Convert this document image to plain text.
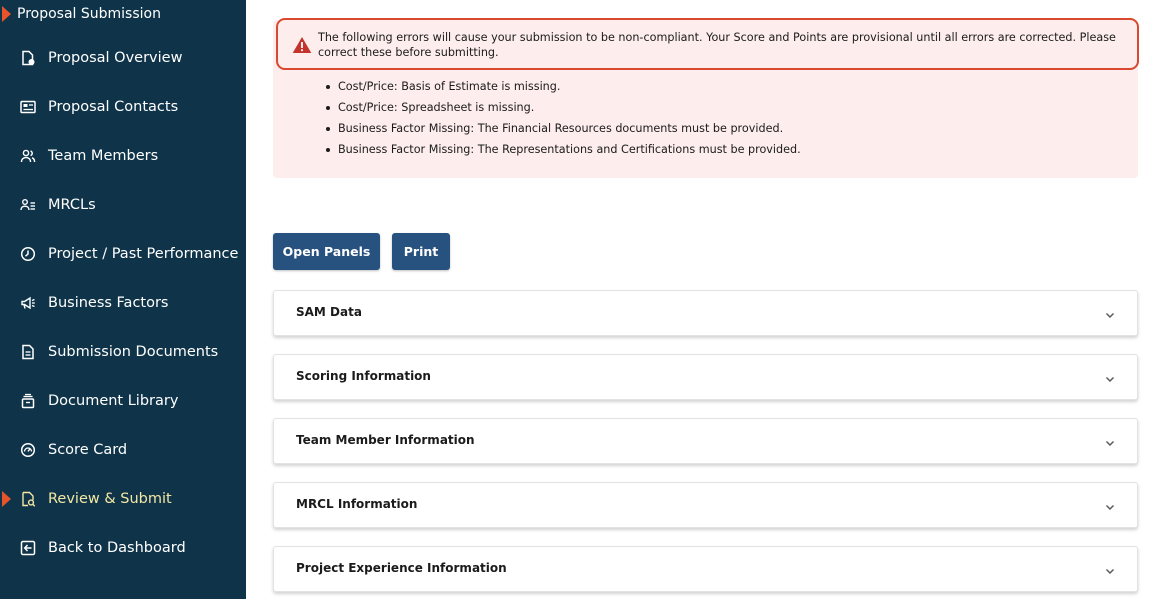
Proposal Submission
Proposal Overview
Proposal Contacts
Team Members
MRCLs
Project / Past Performance
Business Factors
Submission Documents
Document Library
Score Card
Review & Submit
Back to Dashboard

The following errors will cause your submission to be non-compliant. Your Score and Points are provisional until all errors are corrected. Please correct these before submitting.

Cost/Price: Basis of Estimate is missing.
Cost/Price: Spreadsheet is missing.
Business Factor Missing: The Financial Resources documents must be provided.
Business Factor Missing: The Representations and Certifications must be provided.
Open Panels	Print
SAM Data
Scoring Information
Team Member Information
MRCL Information
Project Experience Information
